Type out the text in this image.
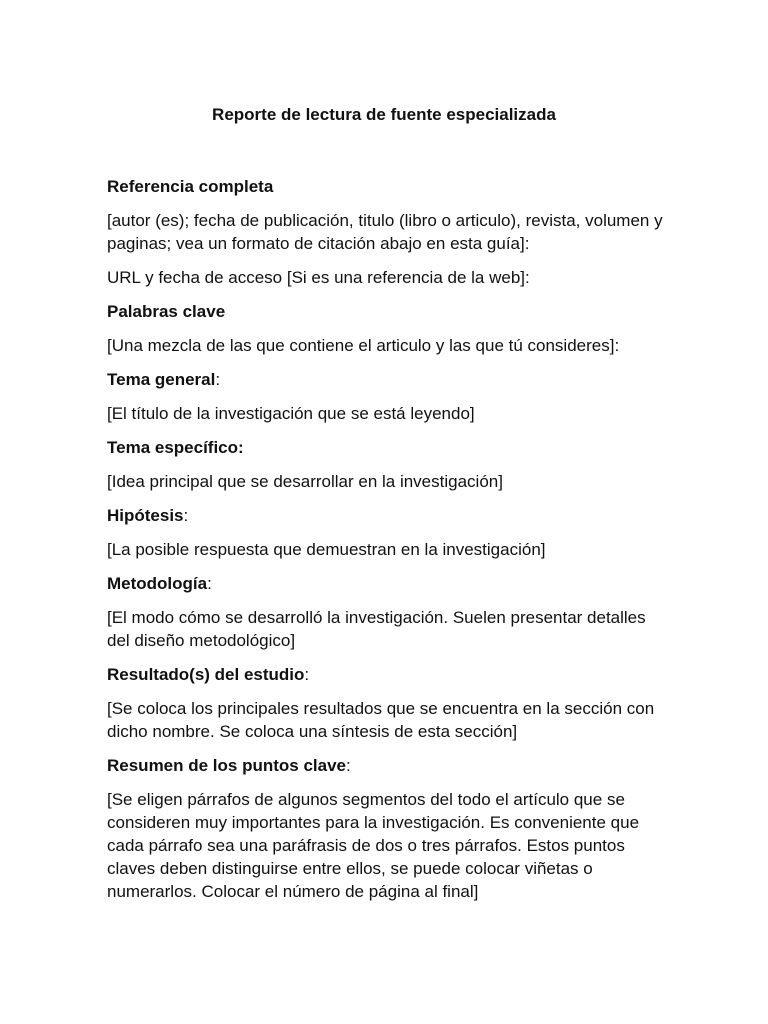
Reporte de lectura de fuente especializada
Referencia completa
[autor (es); fecha de publicación, titulo (libro o articulo), revista, volumen y paginas; vea un formato de citación abajo en esta guía]:
URL y fecha de acceso [Si es una referencia de la web]:
Palabras clave
[Una mezcla de las que contiene el articulo y las que tú consideres]:
Tema general:
[El título de la investigación que se está leyendo]
Tema específico:
[Idea principal que se desarrollar en la investigación]
Hipótesis:
[La posible respuesta que demuestran en la investigación]
Metodología:
[El modo cómo se desarrolló la investigación. Suelen presentar detalles del diseño metodológico]
Resultado(s) del estudio:
[Se coloca los principales resultados que se encuentra en la sección con dicho nombre. Se coloca una síntesis de esta sección]
Resumen de los puntos clave:
[Se eligen párrafos de algunos segmentos del todo el artículo que se consideren muy importantes para la investigación. Es conveniente que cada párrafo sea una paráfrasis de dos o tres párrafos. Estos puntos claves deben distinguirse entre ellos, se puede colocar viñetas o numerarlos. Colocar el número de página al final]
